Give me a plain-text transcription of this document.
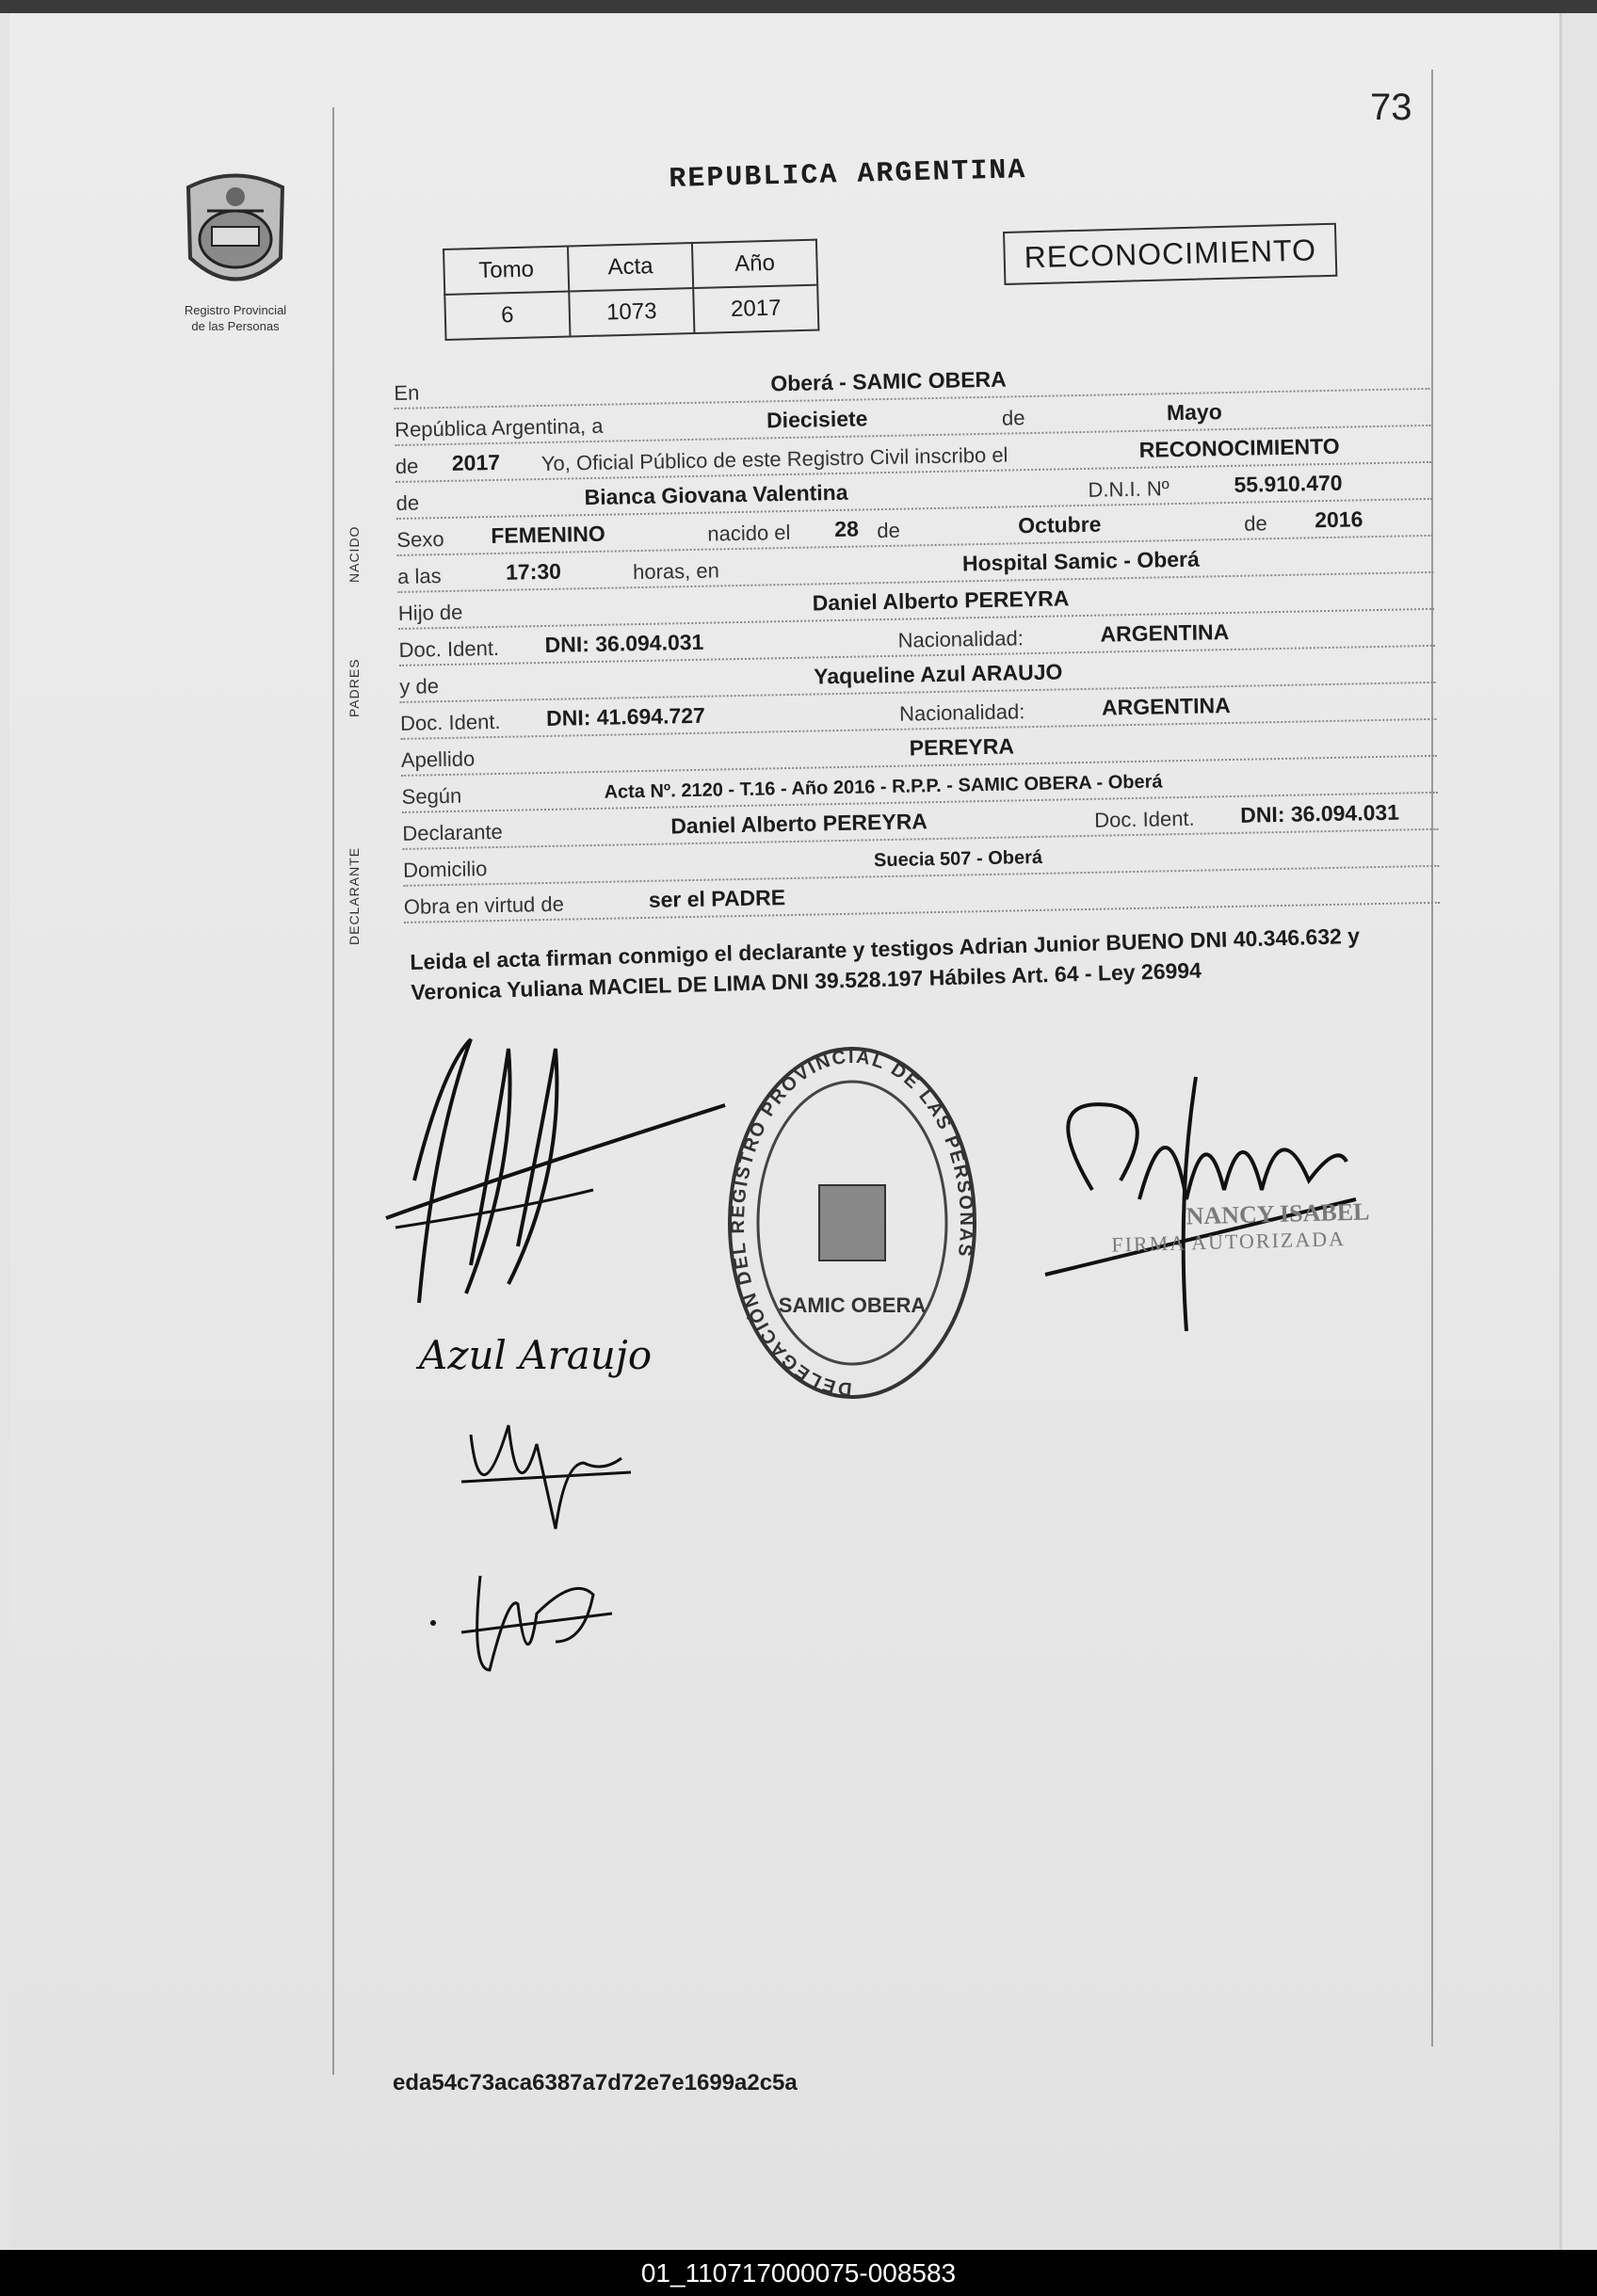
73
Registro Provincial
de las Personas
REPUBLICA ARGENTINA
Tomo	Acta	Año
6	1073	2017
RECONOCIMIENTO
NACIDO
PADRES
DECLARANTE
En	Oberá - SAMIC OBERA
República Argentina, a	Diecisiete	de	Mayo
de 2017 Yo, Oficial Público de este Registro Civil inscribo el	RECONOCIMIENTO
de	Bianca Giovana Valentina	D.N.I. Nº	55.910.470
Sexo FEMENINO	nacido el 28 de	Octubre	de 2016
a las	17:30	horas, en	Hospital Samic - Oberá
Hijo de	Daniel Alberto PEREYRA
Doc. Ident. DNI: 36.094.031	Nacionalidad:	ARGENTINA
y de	Yaqueline Azul ARAUJO
Doc. Ident. DNI: 41.694.727	Nacionalidad:	ARGENTINA
Apellido	PEREYRA
Según	Acta Nº. 2120 - T.16 - Año 2016 - R.P.P. - SAMIC OBERA - Oberá
Declarante	Daniel Alberto PEREYRA	Doc. Ident. DNI: 36.094.031
Domicilio	Suecia 507 - Oberá
Obra en virtud de	ser el PADRE
Leida el acta firman conmigo el declarante y testigos Adrian Junior BUENO DNI 40.346.632 y Veronica Yuliana MACIEL DE LIMA DNI 39.528.197 Hábiles Art. 64 - Ley 26994
Azul Araujo
DELEGACIÓN DEL REGISTRO PROVINCIAL DE LAS PERSONAS
SAMIC OBERA
NANCY ISABEL
FIRMA AUTORIZADA
eda54c73aca6387a7d72e7e1699a2c5a
01_110717000075-008583
